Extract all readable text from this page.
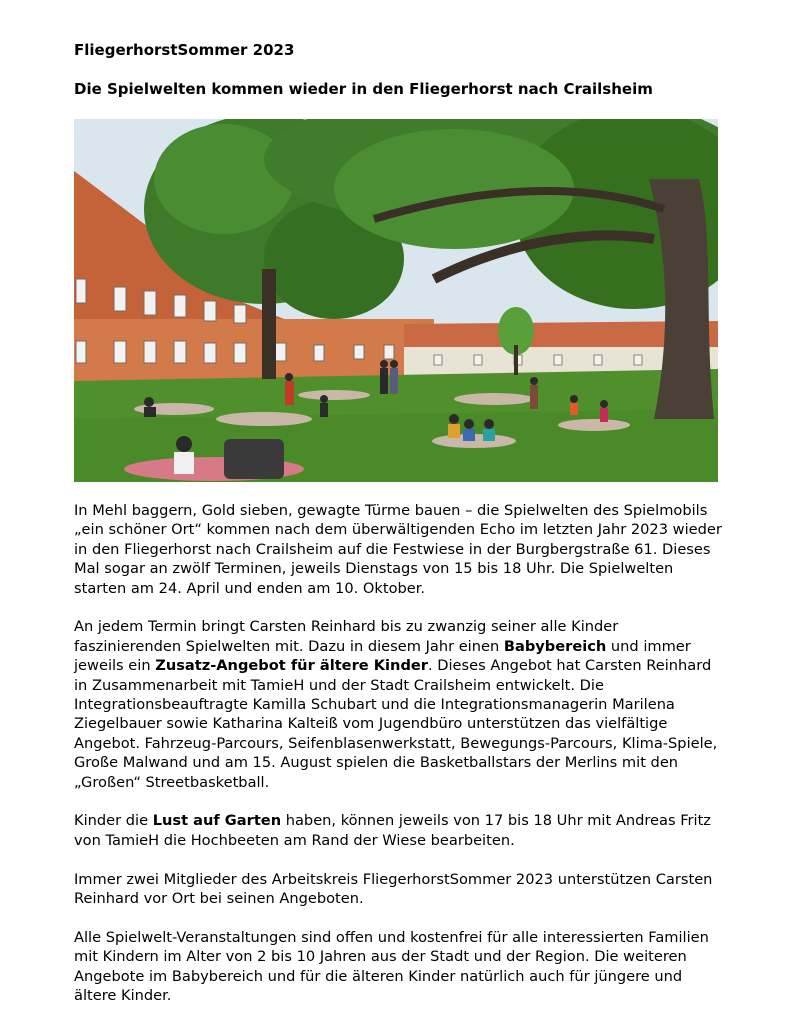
FliegerhorstSommer 2023
Die Spielwelten kommen wieder in den Fliegerhorst nach Crailsheim

In Mehl baggern, Gold sieben, gewagte Türme bauen – die Spielwelten des Spielmobils „ein schöner Ort“ kommen nach dem überwältigenden Echo im letzten Jahr 2023 wieder in den Fliegerhorst nach Crailsheim auf die Festwiese in der Burgbergstraße 61. Dieses Mal sogar an zwölf Terminen, jeweils Dienstags von 15 bis 18 Uhr. Die Spielwelten starten am 24. April und enden am 10. Oktober.

An jedem Termin bringt Carsten Reinhard bis zu zwanzig seiner alle Kinder faszinierenden Spielwelten mit. Dazu in diesem Jahr einen Babybereich und immer jeweils ein Zusatz-Angebot für ältere Kinder. Dieses Angebot hat Carsten Reinhard in Zusammenarbeit mit TamieH und der Stadt Crailsheim entwickelt. Die Integrationsbeauftragte Kamilla Schubart und die Integrationsmanagerin Marilena Ziegelbauer sowie Katharina Kalteiß vom Jugendbüro unterstützen das vielfältige Angebot. Fahrzeug-Parcours, Seifenblasenwerkstatt, Bewegungs-Parcours, Klima-Spiele, Große Malwand und am 15. August spielen die Basketballstars der Merlins mit den „Großen“ Streetbasketball.

Kinder die Lust auf Garten haben, können jeweils von 17 bis 18 Uhr mit Andreas Fritz von TamieH die Hochbeeten am Rand der Wiese bearbeiten.

Immer zwei Mitglieder des Arbeitskreis FliegerhorstSommer 2023 unterstützen Carsten Reinhard vor Ort bei seinen Angeboten.

Alle Spielwelt-Veranstaltungen sind offen und kostenfrei für alle interessierten Familien mit Kindern im Alter von 2 bis 10 Jahren aus der Stadt und der Region. Die weiteren Angebote im Babybereich und für die älteren Kinder natürlich auch für jüngere und ältere Kinder.
